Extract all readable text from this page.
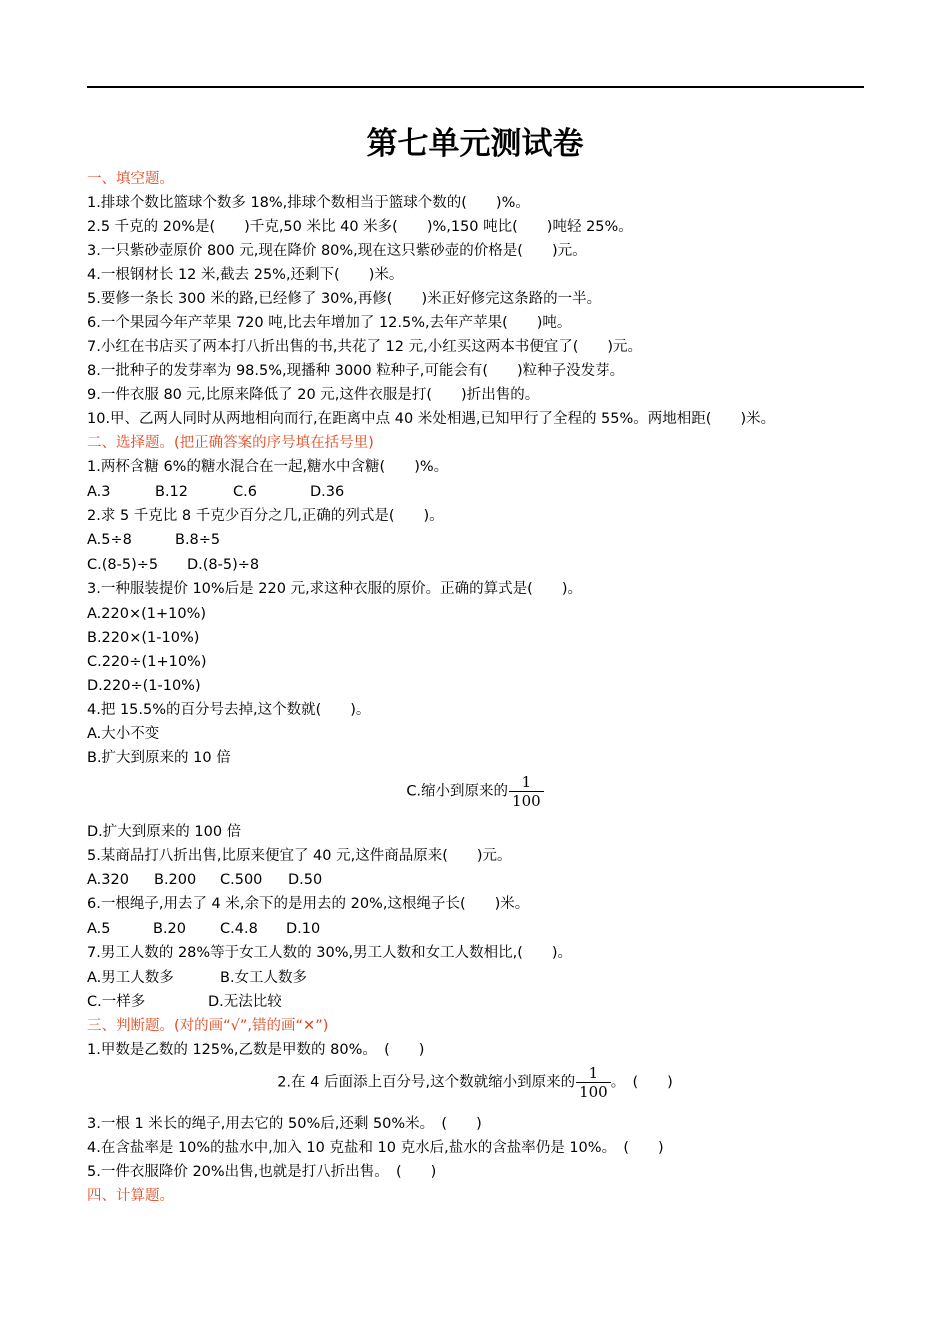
第七单元测试卷
一、填空题。
1.排球个数比篮球个数多 18%,排球个数相当于篮球个数的(　　)%。
2.5 千克的 20%是(　　)千克,50 米比 40 米多(　　)%,150 吨比(　　)吨轻 25%。
3.一只紫砂壶原价 800 元,现在降价 80%,现在这只紫砂壶的价格是(　　)元。
4.一根钢材长 12 米,截去 25%,还剩下(　　)米。
5.要修一条长 300 米的路,已经修了 30%,再修(　　)米正好修完这条路的一半。
6.一个果园今年产苹果 720 吨,比去年增加了 12.5%,去年产苹果(　　)吨。
7.小红在书店买了两本打八折出售的书,共花了 12 元,小红买这两本书便宜了(　　)元。
8.一批种子的发芽率为 98.5%,现播种 3000 粒种子,可能会有(　　)粒种子没发芽。
9.一件衣服 80 元,比原来降低了 20 元,这件衣服是打(　　)折出售的。
10.甲、乙两人同时从两地相向而行,在距离中点 40 米处相遇,已知甲行了全程的 55%。两地相距(　　)米。
二、选择题。(把正确答案的序号填在括号里)
1.两杯含糖 6%的糖水混合在一起,糖水中含糖(　　)%。
A.3	B.12	C.6	D.36
2.求 5 千克比 8 千克少百分之几,正确的列式是(　　)。
A.5÷8	B.8÷5
C.(8-5)÷5 D.(8-5)÷8
3.一种服装提价 10%后是 220 元,求这种衣服的原价。正确的算式是(　　)。
A.220×(1+10%)
B.220×(1-10%)
C.220÷(1+10%)
D.220÷(1-10%)
4.把 15.5%的百分号去掉,这个数就(　　)。
A.大小不变
B.扩大到原来的 10 倍
C.缩小到原来的 $\frac{1}{100}$
D.扩大到原来的 100 倍
5.某商品打八折出售,比原来便宜了 40 元,这件商品原来(　　)元。
A.320 B.200 C.500 D.50
6.一根绳子,用去了 4 米,余下的是用去的 20%,这根绳子长(　　)米。
A.5	B.20 C.4.8 D.10
7.男工人数的 28%等于女工人数的 30%,男工人数和女工人数相比,(　　)。
A.男工人数多	B.女工人数多
C.一样多	D.无法比较
三、判断题。(对的画“√”,错的画“✕”)
1.甲数是乙数的 125%,乙数是甲数的 80%。　(　　)
2.在 4 后面添上百分号,这个数就缩小到原来的 $\frac{1}{100}$ 。　(　　)
3.一根 1 米长的绳子,用去它的 50%后,还剩 50%米。　(　　)
4.在含盐率是 10%的盐水中,加入 10 克盐和 10 克水后,盐水的含盐率仍是 10%。　(　　)
5.一件衣服降价 20%出售,也就是打八折出售。　(　　)
四、计算题。
